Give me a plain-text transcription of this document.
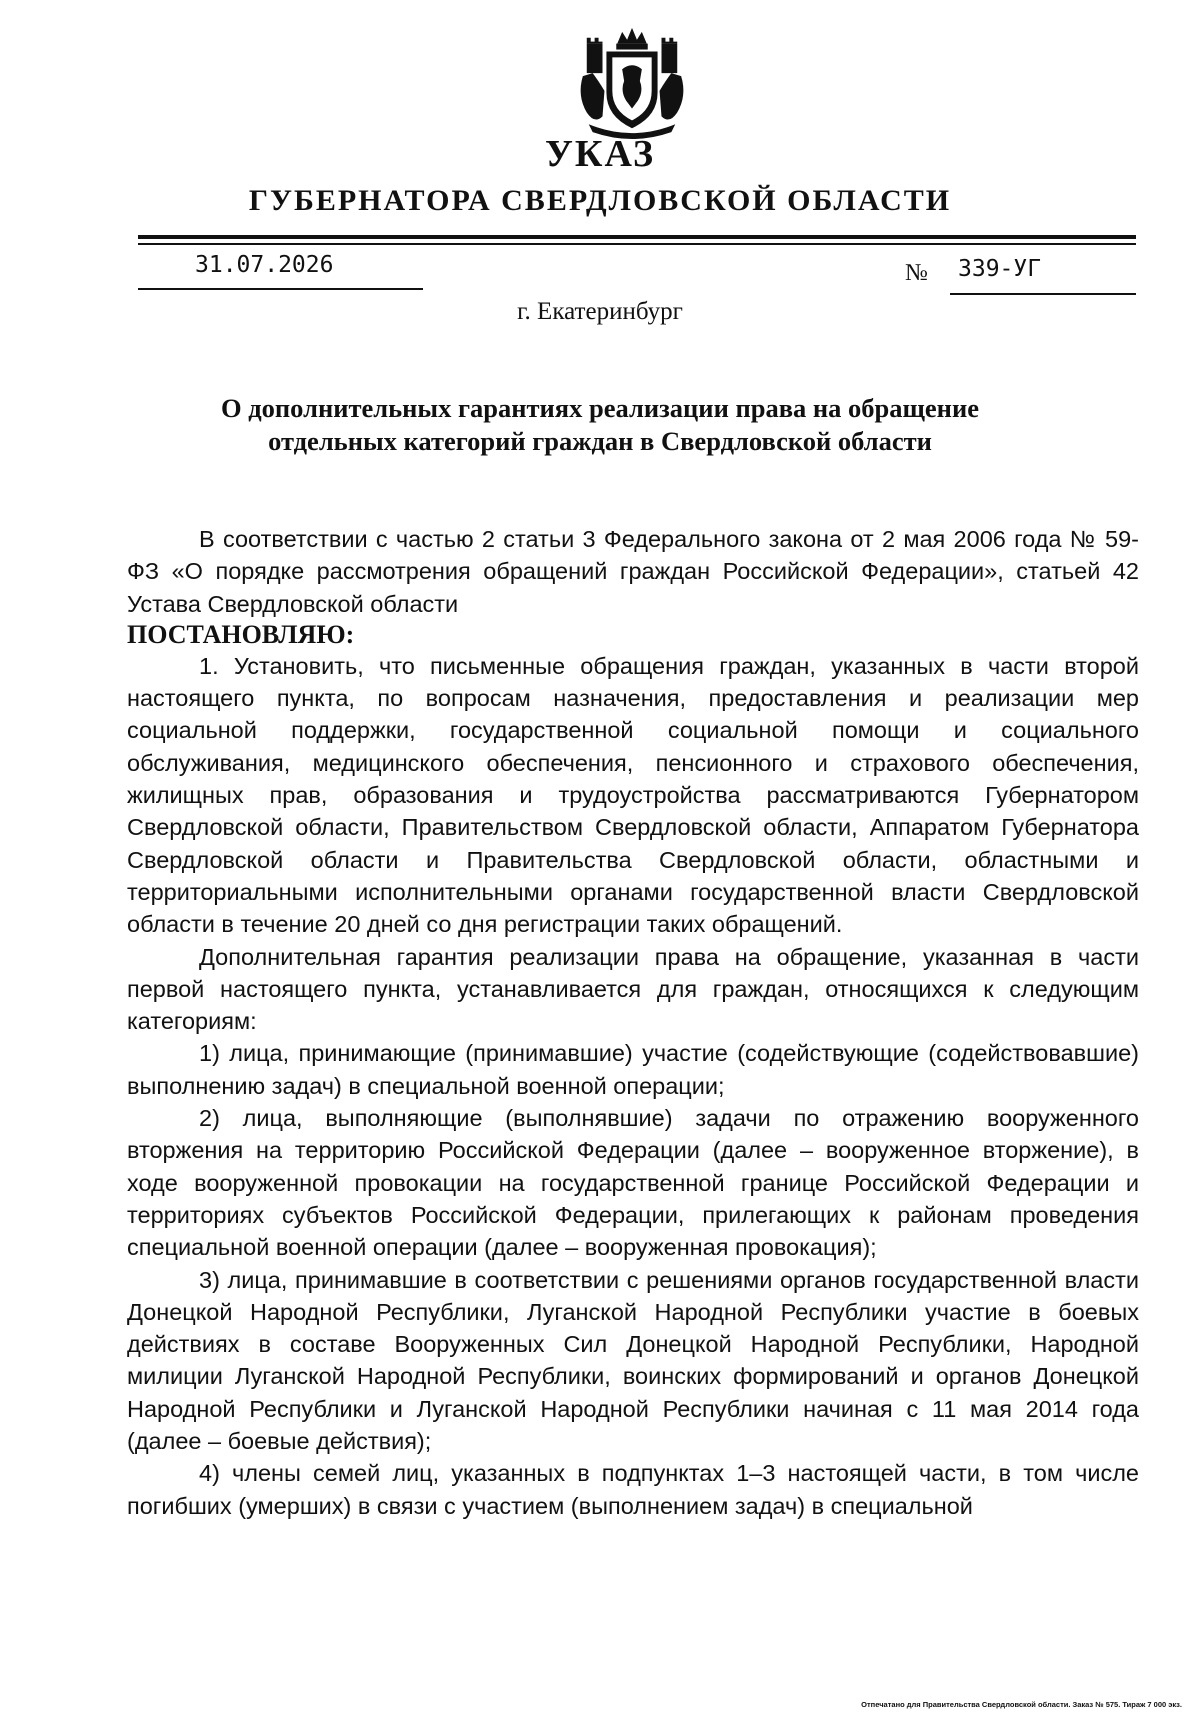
УКАЗ
ГУБЕРНАТОРА СВЕРДЛОВСКОЙ ОБЛАСТИ
31.07.2026	№ 339-УГ
г. Екатеринбург
О дополнительных гарантиях реализации права на обращение
отдельных категорий граждан в Свердловской области

В соответствии с частью 2 статьи 3 Федерального закона от 2 мая 2006 года № 59-ФЗ «О порядке рассмотрения обращений граждан Российской Федерации», статьей 42 Устава Свердловской области

ПОСТАНОВЛЯЮ:

1. Установить, что письменные обращения граждан, указанных в части второй настоящего пункта, по вопросам назначения, предоставления и реализации мер социальной поддержки, государственной социальной помощи и социального обслуживания, медицинского обеспечения, пенсионного и страхового обеспечения, жилищных прав, образования и трудоустройства рассматриваются Губернатором Свердловской области, Правительством Свердловской области, Аппаратом Губернатора Свердловской области и Правительства Свердловской области, областными и территориальными исполнительными органами государственной власти Свердловской области в течение 20 дней со дня регистрации таких обращений.

Дополнительная гарантия реализации права на обращение, указанная в части первой настоящего пункта, устанавливается для граждан, относящихся к следующим категориям:

1) лица, принимающие (принимавшие) участие (содействующие (содействовавшие) выполнению задач) в специальной военной операции;

2) лица, выполняющие (выполнявшие) задачи по отражению вооруженного вторжения на территорию Российской Федерации (далее – вооруженное вторжение), в ходе вооруженной провокации на государственной границе Российской Федерации и территориях субъектов Российской Федерации, прилегающих к районам проведения специальной военной операции (далее – вооруженная провокация);

3) лица, принимавшие в соответствии с решениями органов государственной власти Донецкой Народной Республики, Луганской Народной Республики участие в боевых действиях в составе Вооруженных Сил Донецкой Народной Республики, Народной милиции Луганской Народной Республики, воинских формирований и органов Донецкой Народной Республики и Луганской Народной Республики начиная с 11 мая 2014 года (далее – боевые действия);

4) члены семей лиц, указанных в подпунктах 1–3 настоящей части, в том числе погибших (умерших) в связи с участием (выполнением задач) в специальной

Отпечатано для Правительства Свердловской области. Заказ № 575. Тираж 7 000 экз.
